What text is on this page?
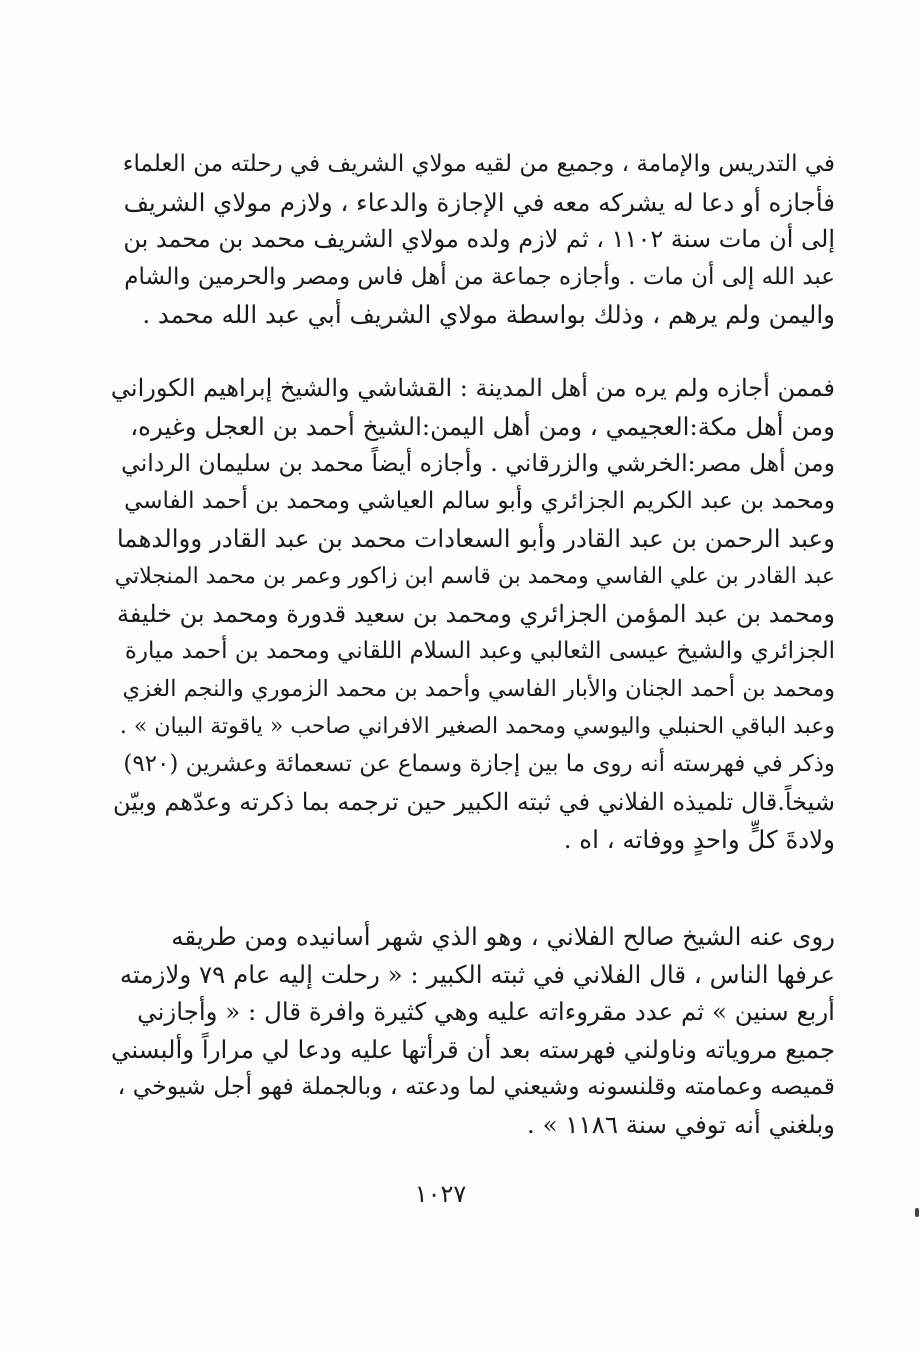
في التدريس والإمامة ، وجميع من لقيه مولاي الشريف في رحلته من العلماء
فأجازه أو دعا له يشركه معه في الإجازة والدعاء ، ولازم مولاي الشريف
إلى أن مات سنة ١١٠٢ ، ثم لازم ولده مولاي الشريف محمد بن محمد بن
عبد الله إلى أن مات . وأجازه جماعة من أهل فاس ومصر والحرمين والشام
واليمن ولم يرهم ، وذلك بواسطة مولاي الشريف أبي عبد الله محمد .
فممن أجازه ولم يره من أهل المدينة : القشاشي والشيخ إبراهيم الكوراني
ومن أهل مكة:العجيمي ، ومن أهل اليمن:الشيخ أحمد بن العجل وغيره،
ومن أهل مصر:الخرشي والزرقاني . وأجازه أيضاً محمد بن سليمان الرداني
ومحمد بن عبد الكريم الجزائري وأبو سالم العياشي ومحمد بن أحمد الفاسي
وعبد الرحمن بن عبد القادر وأبو السعادات محمد بن عبد القادر ووالدهما
عبد القادر بن علي الفاسي ومحمد بن قاسم ابن زاكور وعمر بن محمد المنجلاتي
ومحمد بن عبد المؤمن الجزائري ومحمد بن سعيد قدورة ومحمد بن خليفة
الجزائري والشيخ عيسى الثعالبي وعبد السلام اللقاني ومحمد بن أحمد ميارة
ومحمد بن أحمد الجنان والأبار الفاسي وأحمد بن محمد الزموري والنجم الغزي
وعبد الباقي الحنبلي واليوسي ومحمد الصغير الافراني صاحب « ياقوتة البيان » .
وذكر في فهرسته أنه روى ما بين إجازة وسماع عن تسعمائة وعشرين (٩٢٠)
شيخاً.قال تلميذه الفلاني في ثبته الكبير حين ترجمه بما ذكرته وعدّهم وبيّن
ولادةَ كلٍّ واحدٍ ووفاته ، اه .
روى عنه الشيخ صالح الفلاني ، وهو الذي شهر أسانيده ومن طريقه
عرفها الناس ، قال الفلاني في ثبته الكبير : « رحلت إليه عام ٧٩ ولازمته
أربع سنين » ثم عدد مقروءاته عليه وهي كثيرة وافرة قال : « وأجازني
جميع مروياته وناولني فهرسته بعد أن قرأتها عليه ودعا لي مراراً وألبسني
قميصه وعمامته وقلنسونه وشيعني لما ودعته ، وبالجملة فهو أجل شيوخي ،
وبلغني أنه توفي سنة ١١٨٦ » .
١٠٢٧
